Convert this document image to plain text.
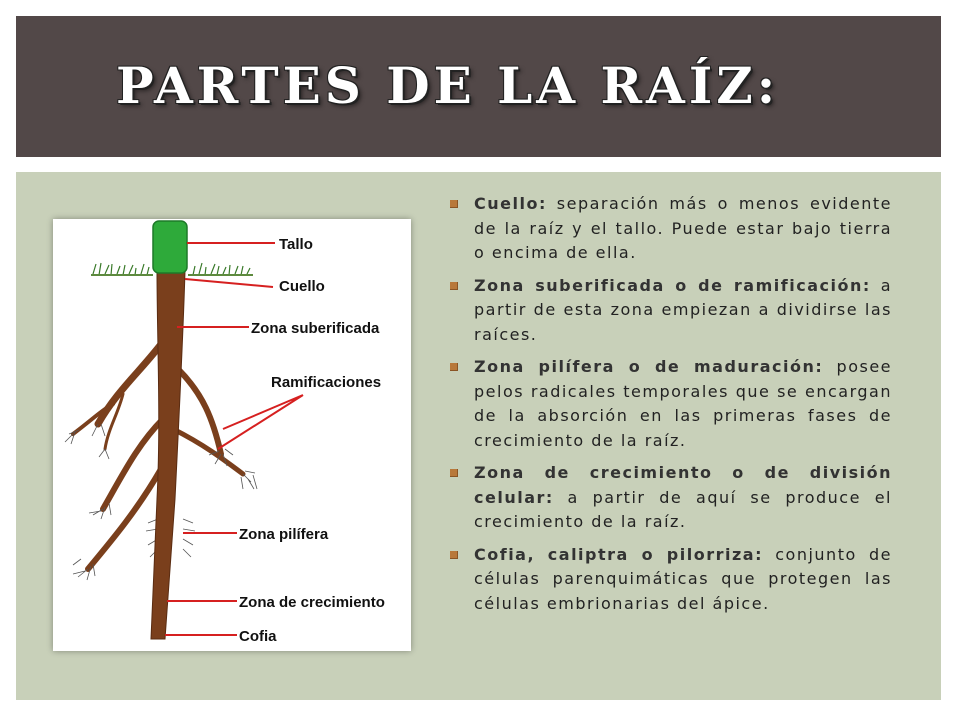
PARTES DE LA RAÍZ:
Tallo
Cuello
Zona suberificada
Ramificaciones
Zona pilífera
Zona de crecimiento
Cofia
Cuello: separación más o menos evidente de la raíz y el tallo. Puede estar bajo tierra o encima de ella.
Zona suberificada o de ramificación: a partir de esta zona empiezan a dividirse las raíces.
Zona pilífera o de maduración: posee pelos radicales temporales que se encargan de la absorción en las primeras fases de crecimiento de la raíz.
Zona de crecimiento o de división celular: a partir de aquí se produce el crecimiento de la raíz.
Cofia, caliptra o pilorriza: conjunto de células parenquimáticas que protegen las células embrionarias del ápice.
